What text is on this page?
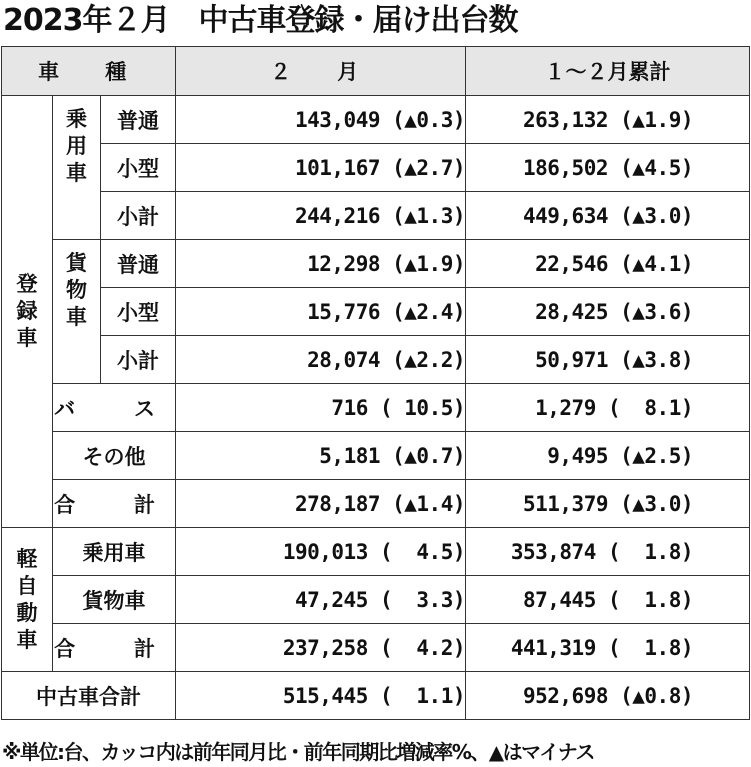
2023年２月　中古車登録・届け出台数
車　種			２　月	１～２月累計
登録車	乗用車	普通	143,049 (▲0.3)	263,132 (▲1.9)
		小型	101,167 (▲2.7)	186,502 (▲4.5)
		小計	244,216 (▲1.3)	449,634 (▲3.0)
	貨物車	普通	12,298 (▲1.9)	22,546 (▲4.1)
		小型	15,776 (▲2.4)	28,425 (▲3.6)
		小計	28,074 (▲2.2)	50,971 (▲3.8)
	バ　ス		716 ( 10.5)	1,279 (  8.1)
	その他		5,181 (▲0.7)	9,495 (▲2.5)
	合　計		278,187 (▲1.4)	511,379 (▲3.0)
軽自動車	乗用車		190,013 (  4.5)	353,874 (  1.8)
	貨物車		47,245 (  3.3)	87,445 (  1.8)
	合　計		237,258 (  4.2)	441,319 (  1.8)
中古車合計			515,445 (  1.1)	952,698 (▲0.8)
※単位:台、カッコ内は前年同月比・前年同期比増減率%、▲はマイナス
